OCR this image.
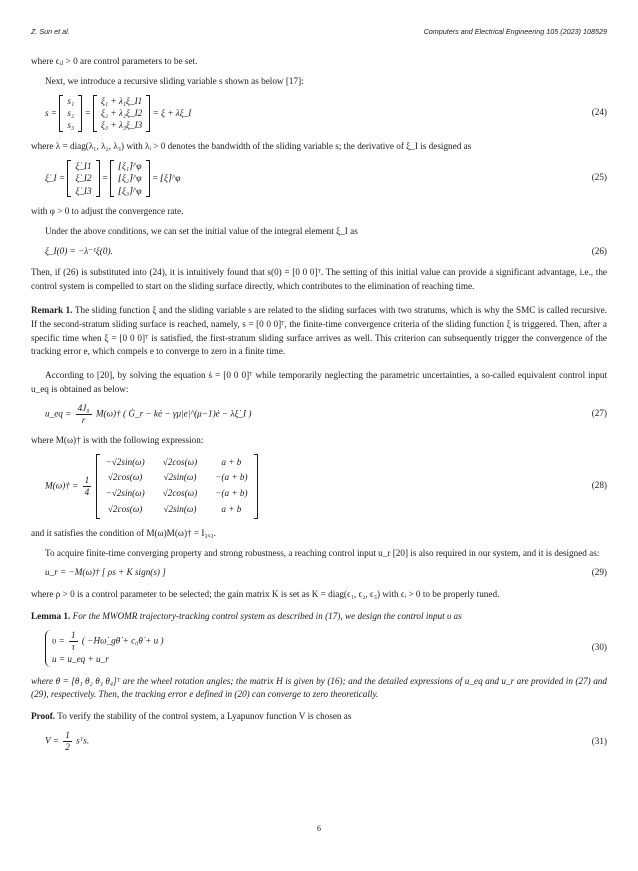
Z. Sun et al.	Computers and Electrical Engineering 105 (2023) 108529

where ϵᵢⱼ > 0 are control parameters to be set.

Next, we introduce a recursive sliding variable s shown as below [17]:

s =
s₁
s₂
s₃
=
ξ₁ + λ₁ξ_I1
ξ₂ + λ₂ξ_I2
ξ₃ + λ₃ξ_I3
= ξ + λξ_I	(24)

where λ = diag(λ₁, λ₂, λ₃) with λᵢ > 0 denotes the bandwidth of the sliding variable s; the derivative of ξ_I is designed as

ξ̇_I =
ξ̇_I1
ξ̇_I2
ξ̇_I3
=
⌊ξ₁⌉^φ
⌊ξ₂⌉^φ
⌊ξ₃⌉^φ
= ⌊ξ⌉^φ	(25)

with φ > 0 to adjust the convergence rate.

Under the above conditions, we can set the initial value of the integral element ξ_I as

ξ_I(0) = −λ⁻¹ξ(0).	(26)

Then, if (26) is substituted into (24), it is intuitively found that s(0) = [0 0 0]ᵀ. The setting of this initial value can provide a significant advantage, i.e., the control system is compelled to start on the sliding surface directly, which contributes to the elimination of reaching time.

Remark 1. The sliding function ξ and the sliding variable s are related to the sliding surfaces with two stratums, which is why the SMC is called recursive. If the second-stratum sliding surface is reached, namely, s = [0 0 0]ᵀ, the finite-time convergence criteria of the sliding function ξ is triggered. Then, after a specific time when ξ = [0 0 0]ᵀ is satisfied, the first-stratum sliding surface arrives as well. This criterion can subsequently trigger the convergence of the tracking error e, which compels e to converge to zero in a finite time.

According to [20], by solving the equation ṡ = [0 0 0]ᵀ while temporarily neglecting the parametric uncertainties, a so-called equivalent control input u_eq is obtained as below:

u_eq = $\frac{\text{4J₀}}{r}$ M(ω)† ( Ġ_r − kė − γμ|e|^(μ−1)ė − λξ̇_I )	(27)

where M(ω)† is with the following expression:

M(ω)† = $\frac{1}{4}$

−√2sin(ω) √2cos(ω)	a + b
√2cos(ω) √2sin(ω) −(a + b)
−√2sin(ω) √2cos(ω) −(a + b)
√2cos(ω) √2sin(ω)	a + b
(28)

and it satisfies the condition of M(ω)M(ω)† = I₃ₓ₃.

To acquire finite-time converging property and strong robustness, a reaching control input u_r [20] is also required in our system, and it is designed as:

u_r = −M(ω)† [ ρs + K sign(s) ]	(29)

where ρ > 0 is a control parameter to be selected; the gain matrix K is set as K = diag(ϵ₁, ϵ₂, ϵ₃) with ϵᵢ > 0 to be properly tuned.

Lemma 1. For the MWOMR trajectory-tracking control system as described in (17), we design the control input υ as

$\upsilon = \frac{1}{\tau}$ ( −Hω̇_gθ̇ + c₀θ̇ + u )
u = u_eq + u_r
(30)

where θ = [θ₁ θ₂ θ₃ θ₄]ᵀ are the wheel rotation angles; the matrix H is given by (16); and the detailed expressions of u_eq and u_r are provided in (27) and (29), respectively. Then, the tracking error e defined in (20) can converge to zero theoretically.

Proof. To verify the stability of the control system, a Lyapunov function V is chosen as

$V = \frac{1}{2}$ sᵀs.	(31)
6
